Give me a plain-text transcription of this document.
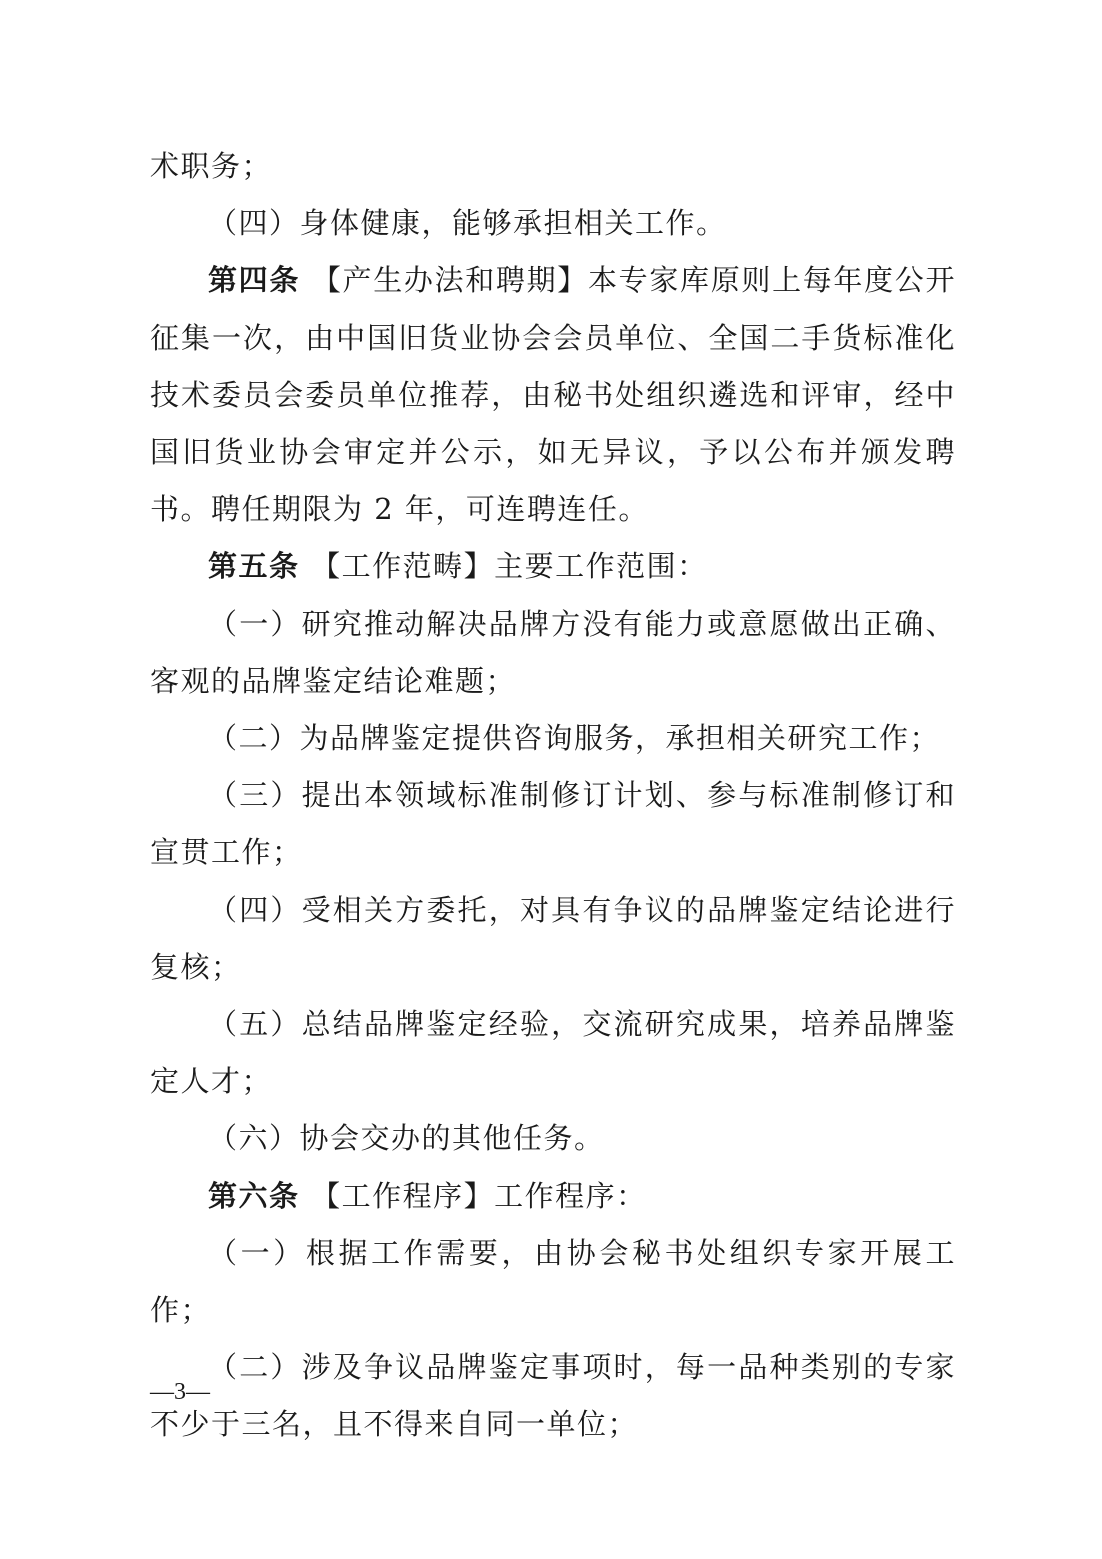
术职务；

（四）身体健康，能够承担相关工作。

第四条 【产生办法和聘期】本专家库原则上每年度公开征集一次，由中国旧货业协会会员单位、全国二手货标准化技术委员会委员单位推荐，由秘书处组织遴选和评审，经中国旧货业协会审定并公示，如无异议，予以公布并颁发聘书。聘任期限为 2 年，可连聘连任。

第五条 【工作范畴】主要工作范围：

（一）研究推动解决品牌方没有能力或意愿做出正确、客观的品牌鉴定结论难题；

（二）为品牌鉴定提供咨询服务，承担相关研究工作；

（三）提出本领域标准制修订计划、参与标准制修订和宣贯工作；

（四）受相关方委托，对具有争议的品牌鉴定结论进行复核；

（五）总结品牌鉴定经验，交流研究成果，培养品牌鉴定人才；

（六）协会交办的其他任务。

第六条 【工作程序】工作程序：

（一）根据工作需要，由协会秘书处组织专家开展工作；

（二）涉及争议品牌鉴定事项时，每一品种类别的专家不少于三名，且不得来自同一单位；

—3—
